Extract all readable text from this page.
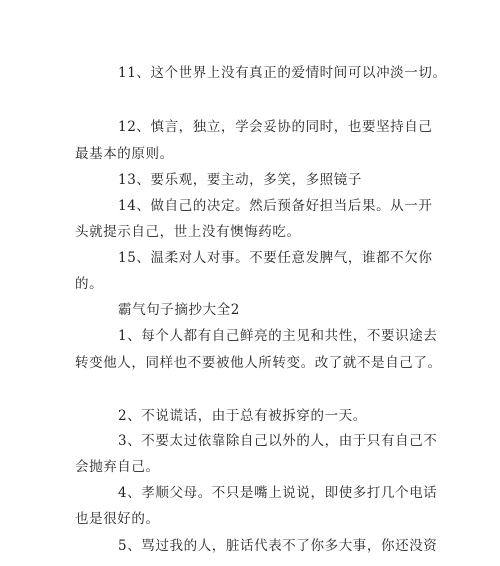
11、这个世界上没有真正的爱情时间可以冲淡一切。
12、慎言，独立，学会妥协的同时，也要坚持自己
最基本的原则。
13、要乐观，要主动，多笑，多照镜子
14、做自己的决定。然后预备好担当后果。从一开
头就提示自己，世上没有懊悔药吃。
15、温柔对人对事。不要任意发脾气，谁都不欠你
的。
霸气句子摘抄大全2
1、每个人都有自己鲜亮的主见和共性，不要识途去
转变他人，同样也不要被他人所转变。改了就不是自己了。
2、不说谎话，由于总有被拆穿的一天。
3、不要太过依靠除自己以外的人，由于只有自己不
会抛弃自己。
4、孝顺父母。不只是嘴上说说，即使多打几个电话
也是很好的。
5、骂过我的人，脏话代表不了你多大事，你还没资
